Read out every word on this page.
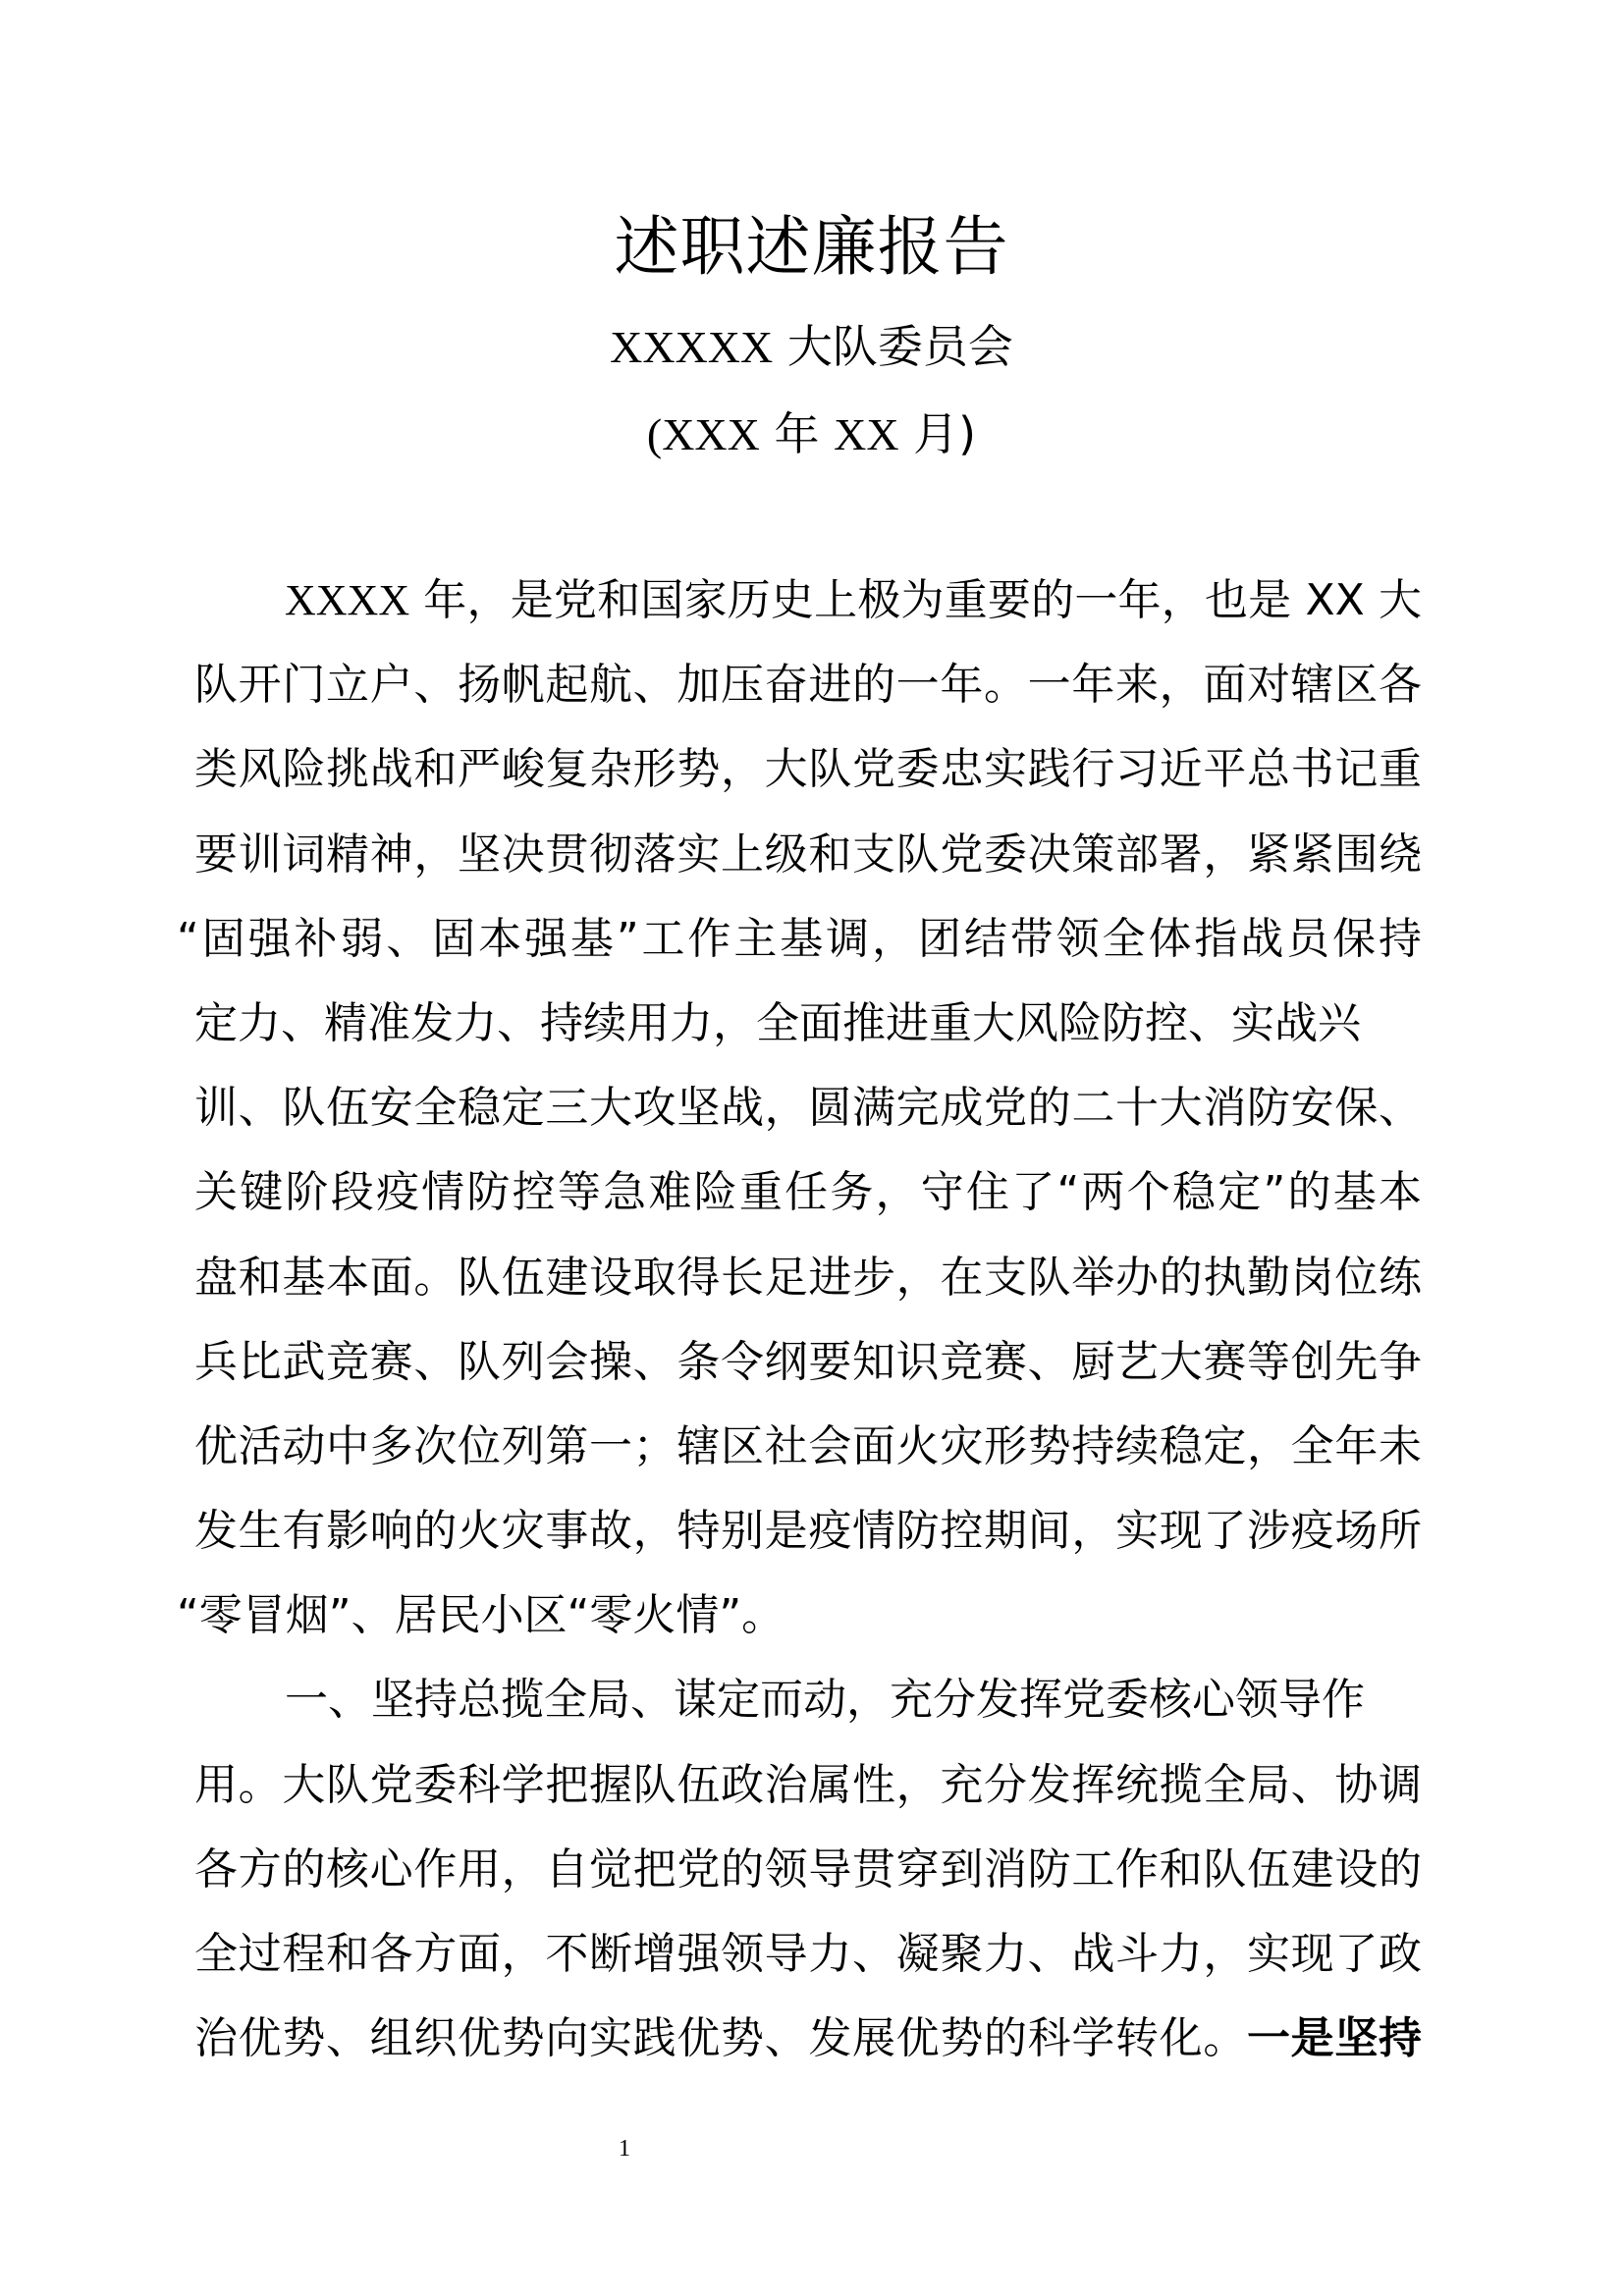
述职述廉报告
XXXXX 大队委员会
(XXX 年 XX 月)
XXXX 年，是党和国家历史上极为重要的一年，也是 XX 大
队开门立户、扬帆起航、加压奋进的一年。一年来，面对辖区各
类风险挑战和严峻复杂形势，大队党委忠实践行习近平总书记重
要训词精神，坚决贯彻落实上级和支队党委决策部署，紧紧围绕
“固强补弱、固本强基”工作主基调，团结带领全体指战员保持
定力、精准发力、持续用力，全面推进重大风险防控、实战兴
训、队伍安全稳定三大攻坚战，圆满完成党的二十大消防安保、
关键阶段疫情防控等急难险重任务，守住了“两个稳定”的基本
盘和基本面。队伍建设取得长足进步，在支队举办的执勤岗位练
兵比武竞赛、队列会操、条令纲要知识竞赛、厨艺大赛等创先争
优活动中多次位列第一；辖区社会面火灾形势持续稳定，全年未
发生有影响的火灾事故，特别是疫情防控期间，实现了涉疫场所
“零冒烟”、居民小区“零火情”。
一、坚持总揽全局、谋定而动，充分发挥党委核心领导作
用。大队党委科学把握队伍政治属性，充分发挥统揽全局、协调
各方的核心作用，自觉把党的领导贯穿到消防工作和队伍建设的
全过程和各方面，不断增强领导力、凝聚力、战斗力，实现了政
治优势、组织优势向实践优势、发展优势的科学转化。一是坚持
1
